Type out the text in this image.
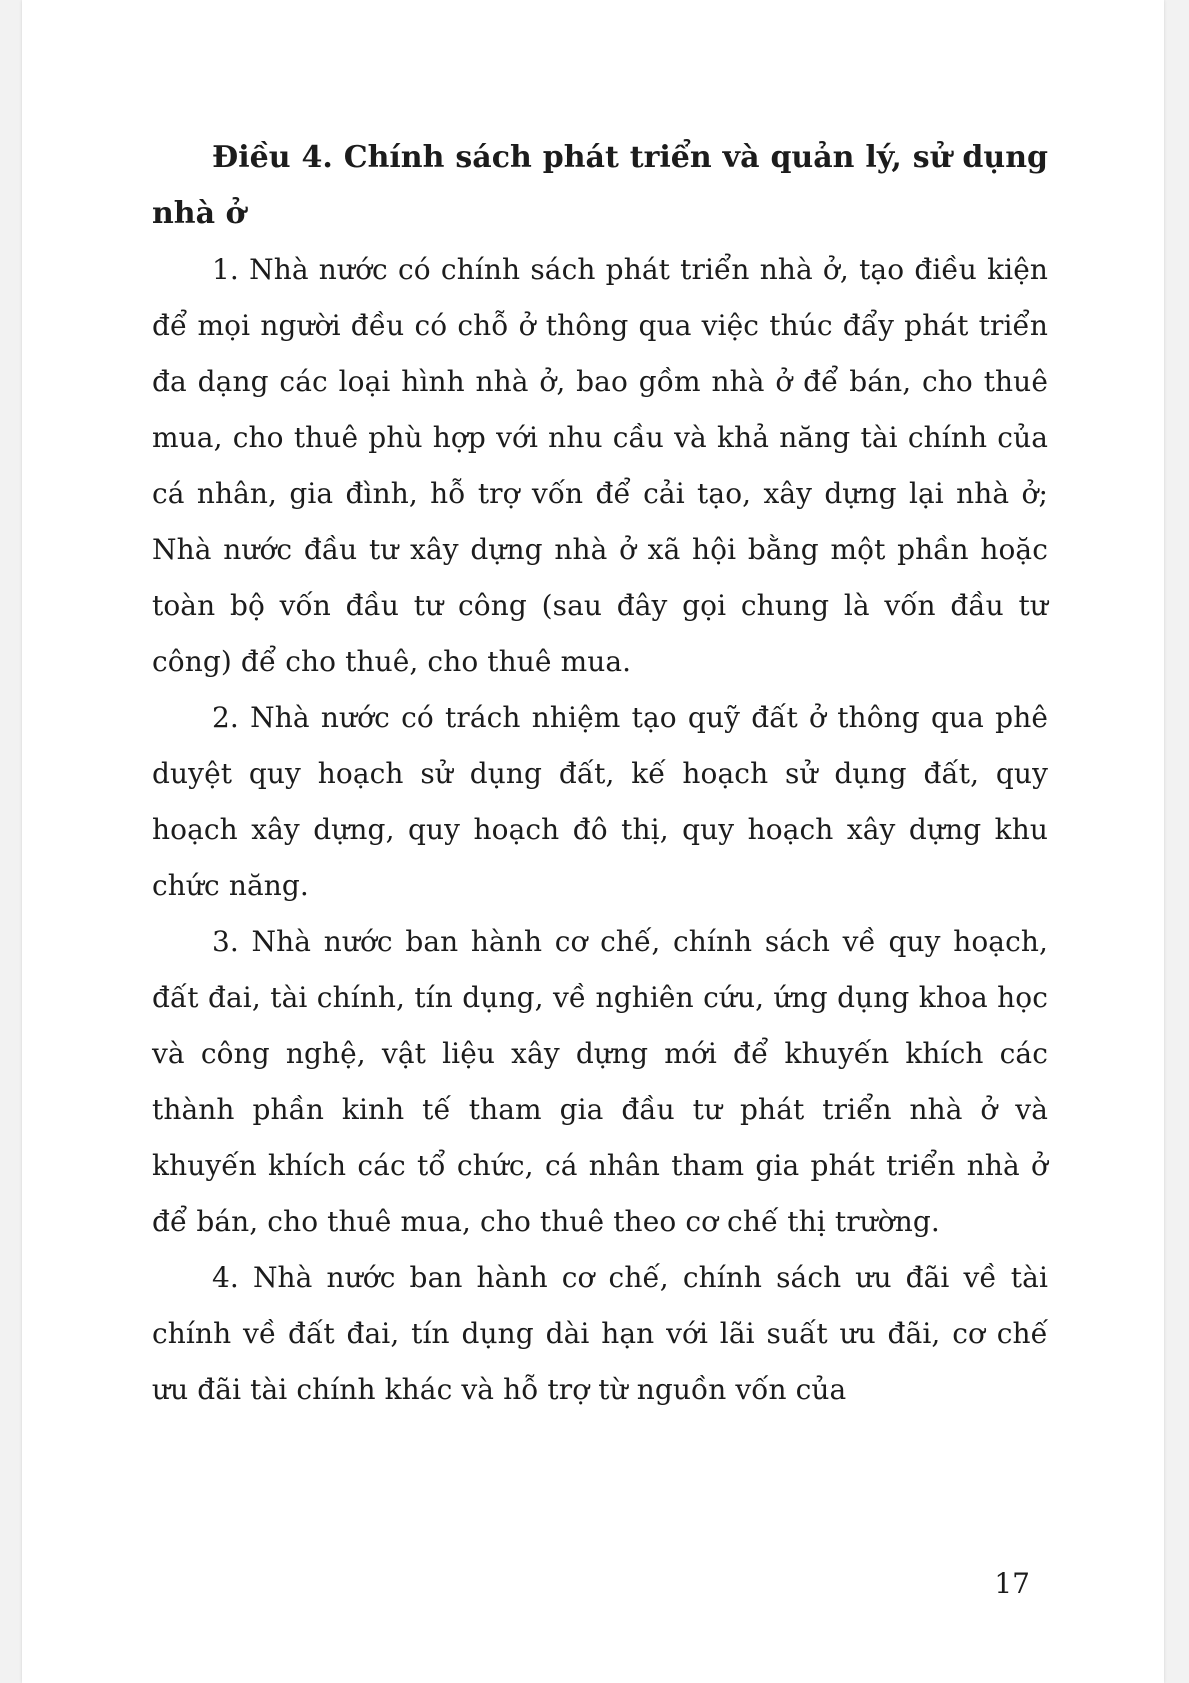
Điều 4. Chính sách phát triển và quản lý, sử dụng nhà ở

1. Nhà nước có chính sách phát triển nhà ở, tạo điều kiện để mọi người đều có chỗ ở thông qua việc thúc đẩy phát triển đa dạng các loại hình nhà ở, bao gồm nhà ở để bán, cho thuê mua, cho thuê phù hợp với nhu cầu và khả năng tài chính của cá nhân, gia đình, hỗ trợ vốn để cải tạo, xây dựng lại nhà ở; Nhà nước đầu tư xây dựng nhà ở xã hội bằng một phần hoặc toàn bộ vốn đầu tư công (sau đây gọi chung là vốn đầu tư công) để cho thuê, cho thuê mua.

2. Nhà nước có trách nhiệm tạo quỹ đất ở thông qua phê duyệt quy hoạch sử dụng đất, kế hoạch sử dụng đất, quy hoạch xây dựng, quy hoạch đô thị, quy hoạch xây dựng khu chức năng.

3. Nhà nước ban hành cơ chế, chính sách về quy hoạch, đất đai, tài chính, tín dụng, về nghiên cứu, ứng dụng khoa học và công nghệ, vật liệu xây dựng mới để khuyến khích các thành phần kinh tế tham gia đầu tư phát triển nhà ở và khuyến khích các tổ chức, cá nhân tham gia phát triển nhà ở để bán, cho thuê mua, cho thuê theo cơ chế thị trường.

4. Nhà nước ban hành cơ chế, chính sách ưu đãi về tài chính về đất đai, tín dụng dài hạn với lãi suất ưu đãi, cơ chế ưu đãi tài chính khác và hỗ trợ từ nguồn vốn của

17
